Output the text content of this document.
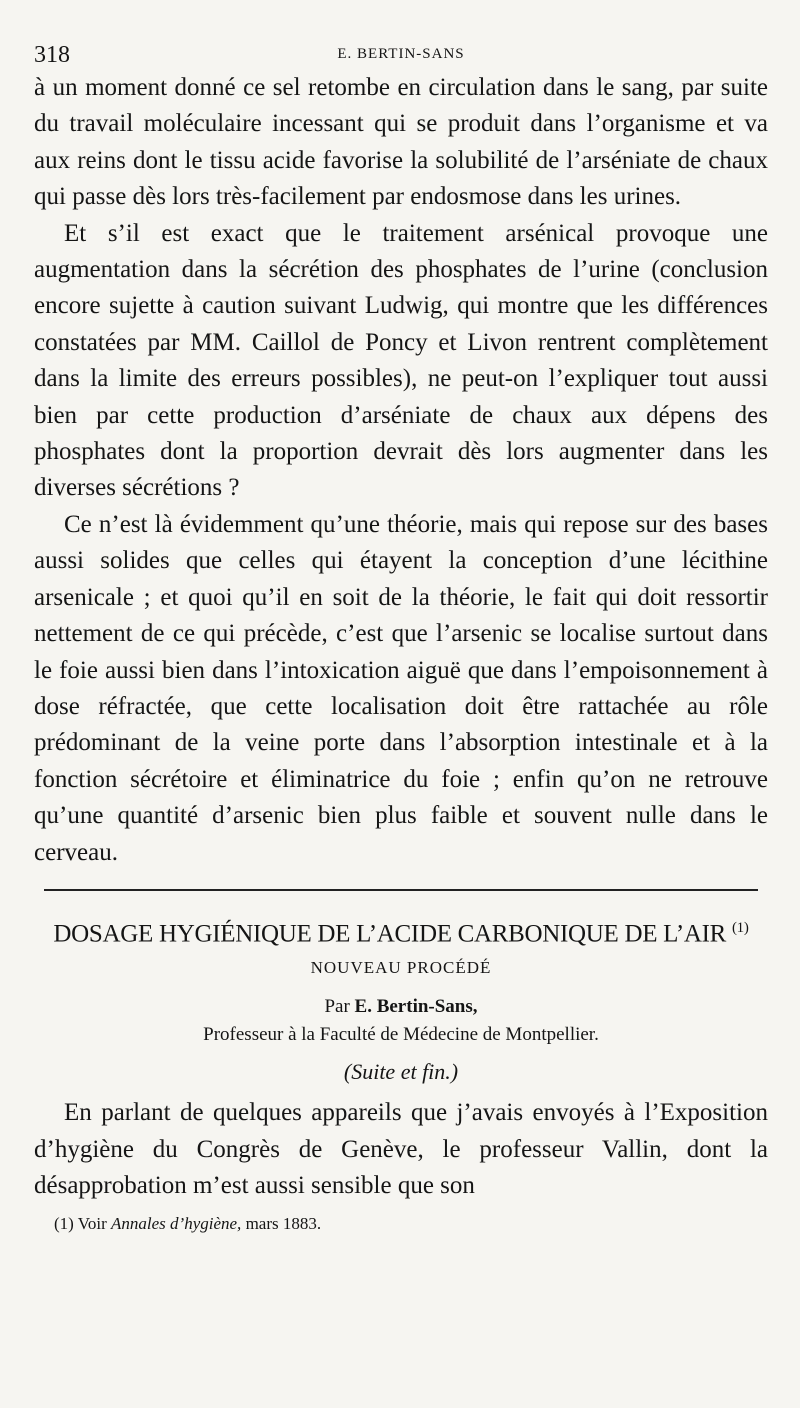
318	E. BERTIN-SANS

à un moment donné ce sel retombe en circulation dans le sang, par suite du travail moléculaire incessant qui se produit dans l’organisme et va aux reins dont le tissu acide favorise la solubilité de l’arséniate de chaux qui passe dès lors très-facilement par endosmose dans les urines.

Et s’il est exact que le traitement arsénical provoque une augmentation dans la sécrétion des phosphates de l’urine (conclusion encore sujette à caution suivant Ludwig, qui montre que les différences constatées par MM. Caillol de Poncy et Livon rentrent complètement dans la limite des erreurs possibles), ne peut-on l’expliquer tout aussi bien par cette production d’arséniate de chaux aux dépens des phosphates dont la proportion devrait dès lors augmenter dans les diverses sécrétions ?

Ce n’est là évidemment qu’une théorie, mais qui repose sur des bases aussi solides que celles qui étayent la conception d’une lécithine arsenicale ; et quoi qu’il en soit de la théorie, le fait qui doit ressortir nettement de ce qui précède, c’est que l’arsenic se localise surtout dans le foie aussi bien dans l’intoxication aiguë que dans l’empoisonnement à dose réfractée, que cette localisation doit être rattachée au rôle prédominant de la veine porte dans l’absorption intestinale et à la fonction sécrétoire et éliminatrice du foie ; enfin qu’on ne retrouve qu’une quantité d’arsenic bien plus faible et souvent nulle dans le cerveau.

DOSAGE HYGIÉNIQUE DE L’ACIDE CARBONIQUE DE L’AIR $^{(1)}$
NOUVEAU PROCÉDÉ
Par E. Bertin-Sans,
Professeur à la Faculté de Médecine de Montpellier.
(Suite et fin.)

En parlant de quelques appareils que j’avais envoyés à l’Exposition d’hygiène du Congrès de Genève, le professeur Vallin, dont la désapprobation m’est aussi sensible que son

(1) Voir Annales d’hygiène, mars 1883.
